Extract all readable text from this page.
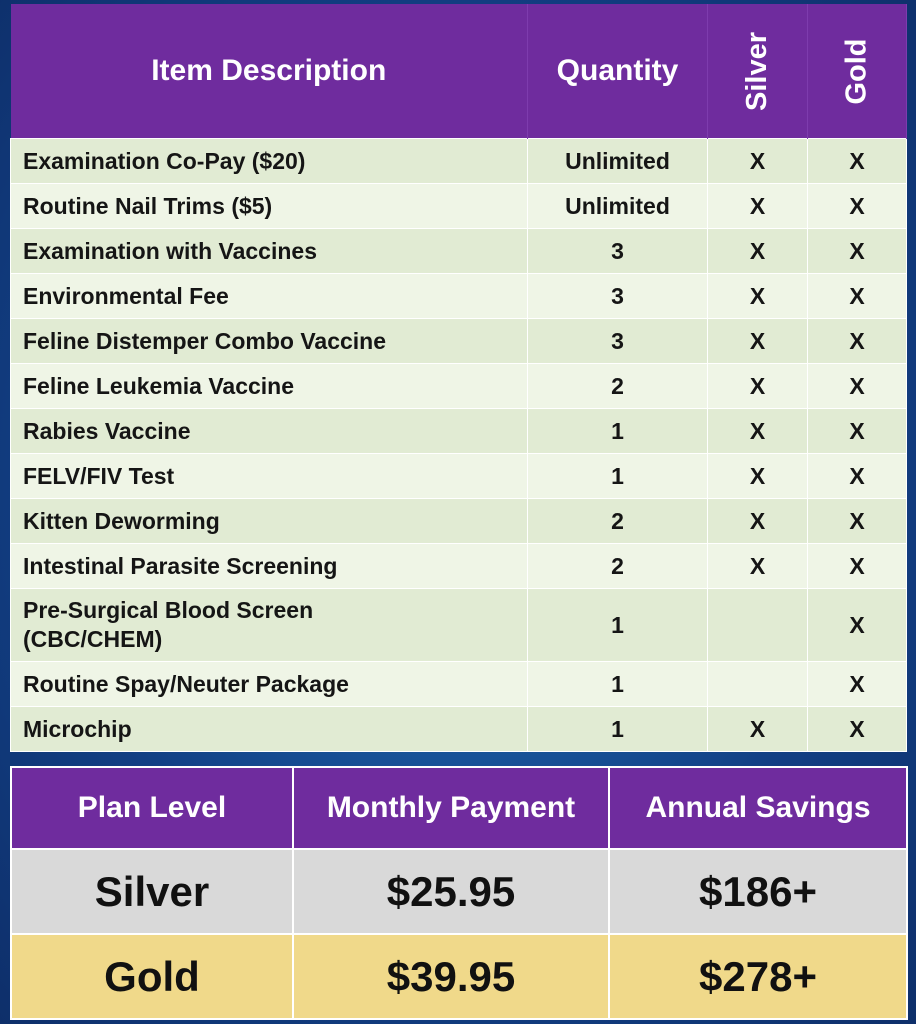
Item Description	Quantity	Silver	Gold
Examination Co-Pay ($20)	Unlimited	X	X
Routine Nail Trims ($5)	Unlimited	X	X
Examination with Vaccines	3	X	X
Environmental Fee	3	X	X
Feline Distemper Combo Vaccine	3	X	X
Feline Leukemia Vaccine	2	X	X
Rabies Vaccine	1	X	X
FELV/FIV Test	1	X	X
Kitten Deworming	2	X	X
Intestinal Parasite Screening	2	X	X
Pre-Surgical Blood Screen
(CBC/CHEM)	1		X
Routine Spay/Neuter Package	1		X
Microchip	1	X	X
Plan Level	Monthly Payment	Annual Savings
Silver	$25.95	$186+
Gold	$39.95	$278+
